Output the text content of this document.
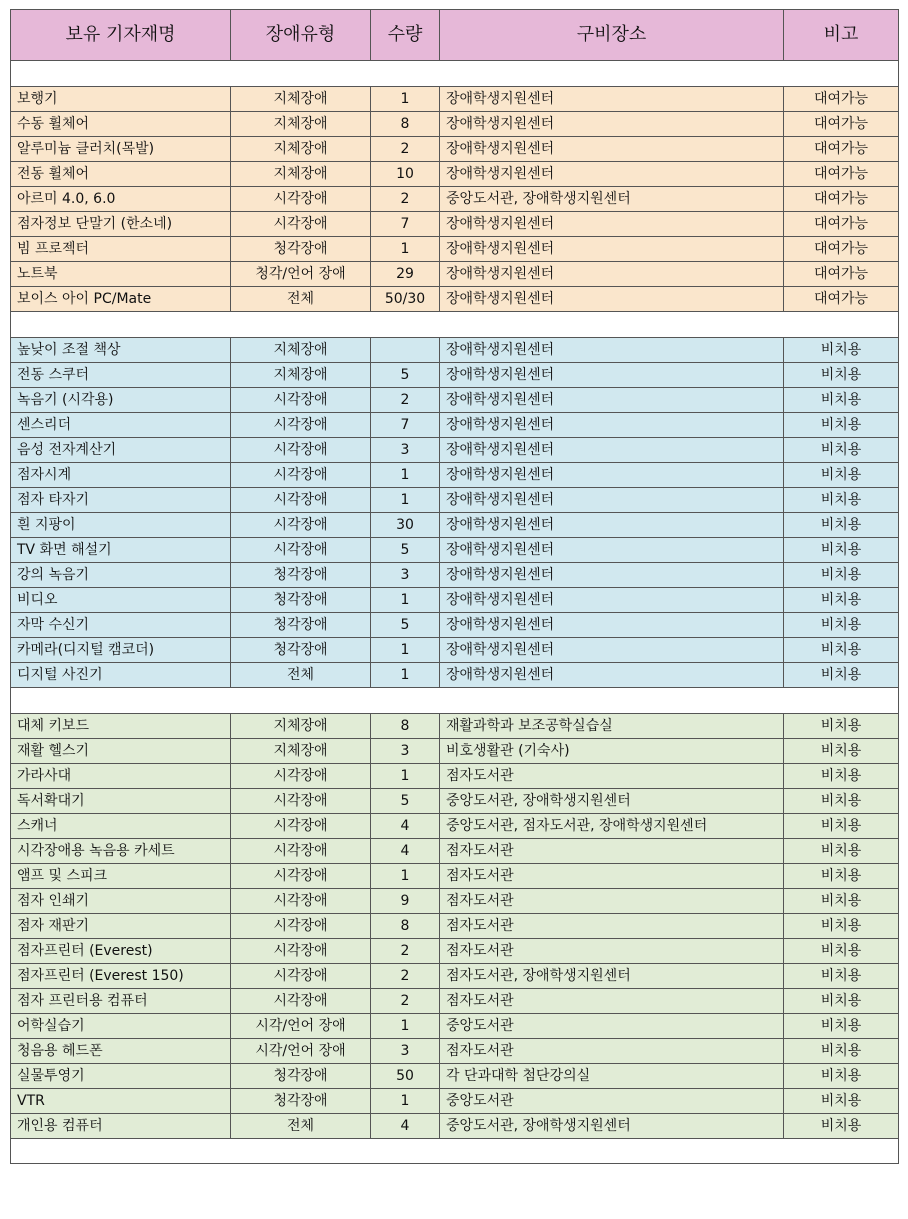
보유 기자재명	장애유형	수량	구비장소	비고

보행기	지체장애	1	장애학생지원센터	대여가능
수동 휠체어	지체장애	8	장애학생지원센터	대여가능
알루미늄 클러치(목발)	지체장애	2	장애학생지원센터	대여가능
전동 휠체어	지체장애	10	장애학생지원센터	대여가능
아르미 4.0, 6.0	시각장애	2	중앙도서관, 장애학생지원센터	대여가능
점자정보 단말기 (한소네)	시각장애	7	장애학생지원센터	대여가능
빔 프로젝터	청각장애	1	장애학생지원센터	대여가능
노트북	청각/언어 장애	29	장애학생지원센터	대여가능
보이스 아이 PC/Mate	전체	50/30	장애학생지원센터	대여가능

높낮이 조절 책상	지체장애		장애학생지원센터	비치용
전동 스쿠터	지체장애	5	장애학생지원센터	비치용
녹음기 (시각용)	시각장애	2	장애학생지원센터	비치용
센스리더	시각장애	7	장애학생지원센터	비치용
음성 전자계산기	시각장애	3	장애학생지원센터	비치용
점자시계	시각장애	1	장애학생지원센터	비치용
점자 타자기	시각장애	1	장애학생지원센터	비치용
흰 지팡이	시각장애	30	장애학생지원센터	비치용
TV 화면 해설기	시각장애	5	장애학생지원센터	비치용
강의 녹음기	청각장애	3	장애학생지원센터	비치용
비디오	청각장애	1	장애학생지원센터	비치용
자막 수신기	청각장애	5	장애학생지원센터	비치용
카메라(디지털 캠코더)	청각장애	1	장애학생지원센터	비치용
디지털 사진기	전체	1	장애학생지원센터	비치용

대체 키보드	지체장애	8	재활과학과 보조공학실습실	비치용
재활 헬스기	지체장애	3	비호생활관 (기숙사)	비치용
가라사대	시각장애	1	점자도서관	비치용
독서확대기	시각장애	5	중앙도서관, 장애학생지원센터	비치용
스캐너	시각장애	4	중앙도서관, 점자도서관, 장애학생지원센터	비치용
시각장애용 녹음용 카세트	시각장애	4	점자도서관	비치용
앰프 및 스피크	시각장애	1	점자도서관	비치용
점자 인쇄기	시각장애	9	점자도서관	비치용
점자 재판기	시각장애	8	점자도서관	비치용
점자프린터 (Everest)	시각장애	2	점자도서관	비치용
점자프린터 (Everest 150)	시각장애	2	점자도서관, 장애학생지원센터	비치용
점자 프린터용 컴퓨터	시각장애	2	점자도서관	비치용
어학실습기	시각/언어 장애	1	중앙도서관	비치용
청음용 헤드폰	시각/언어 장애	3	점자도서관	비치용
실물투영기	청각장애	50	각 단과대학 첨단강의실	비치용
VTR	청각장애	1	중앙도서관	비치용
개인용 컴퓨터	전체	4	중앙도서관, 장애학생지원센터	비치용
